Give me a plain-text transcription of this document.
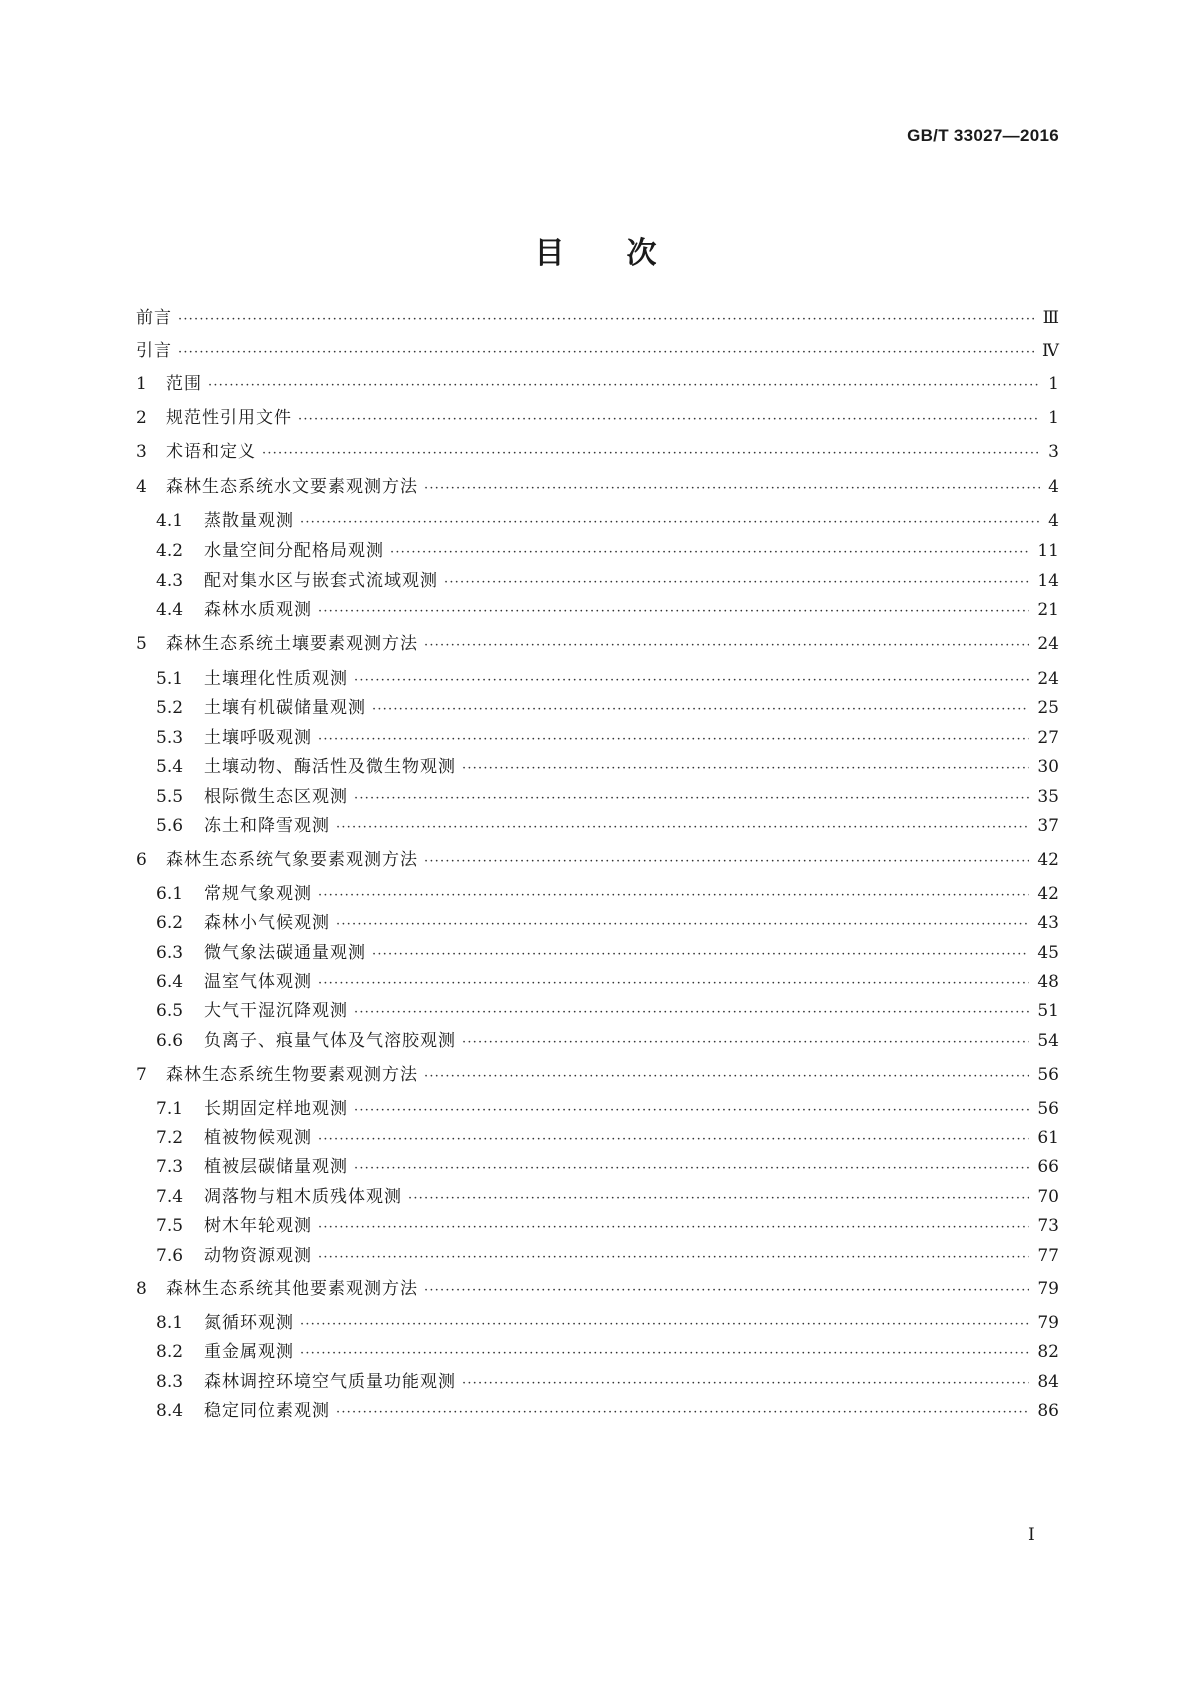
GB/T 33027—2016
目 次
前言 ·····	Ⅲ
引言 ·····	Ⅳ
1	范围 ·····	1
2	规范性引用文件 ·····	1
3	术语和定义 ·····	3
4	森林生态系统水文要素观测方法 ·····	4
4.1	蒸散量观测 ·····	4
4.2	水量空间分配格局观测 ·····	11
4.3	配对集水区与嵌套式流域观测 ·····	14
4.4	森林水质观测 ·····	21
5	森林生态系统土壤要素观测方法 ·····	24
5.1	土壤理化性质观测 ·····	24
5.2	土壤有机碳储量观测 ·····	25
5.3	土壤呼吸观测 ·····	27
5.4	土壤动物、酶活性及微生物观测 ·····	30
5.5	根际微生态区观测 ·····	35
5.6	冻土和降雪观测 ·····	37
6	森林生态系统气象要素观测方法 ·····	42
6.1	常规气象观测 ·····	42
6.2	森林小气候观测 ·····	43
6.3	微气象法碳通量观测 ·····	45
6.4	温室气体观测 ·····	48
6.5	大气干湿沉降观测 ·····	51
6.6	负离子、痕量气体及气溶胶观测 ·····	54
7	森林生态系统生物要素观测方法 ·····	56
7.1	长期固定样地观测 ·····	56
7.2	植被物候观测 ·····	61
7.3	植被层碳储量观测 ·····	66
7.4	凋落物与粗木质残体观测 ·····	70
7.5	树木年轮观测 ·····	73
7.6	动物资源观测 ·····	77
8	森林生态系统其他要素观测方法 ·····	79
8.1	氮循环观测 ·····	79
8.2	重金属观测 ·····	82
8.3	森林调控环境空气质量功能观测 ·····	84
8.4	稳定同位素观测 ·····	86
I
